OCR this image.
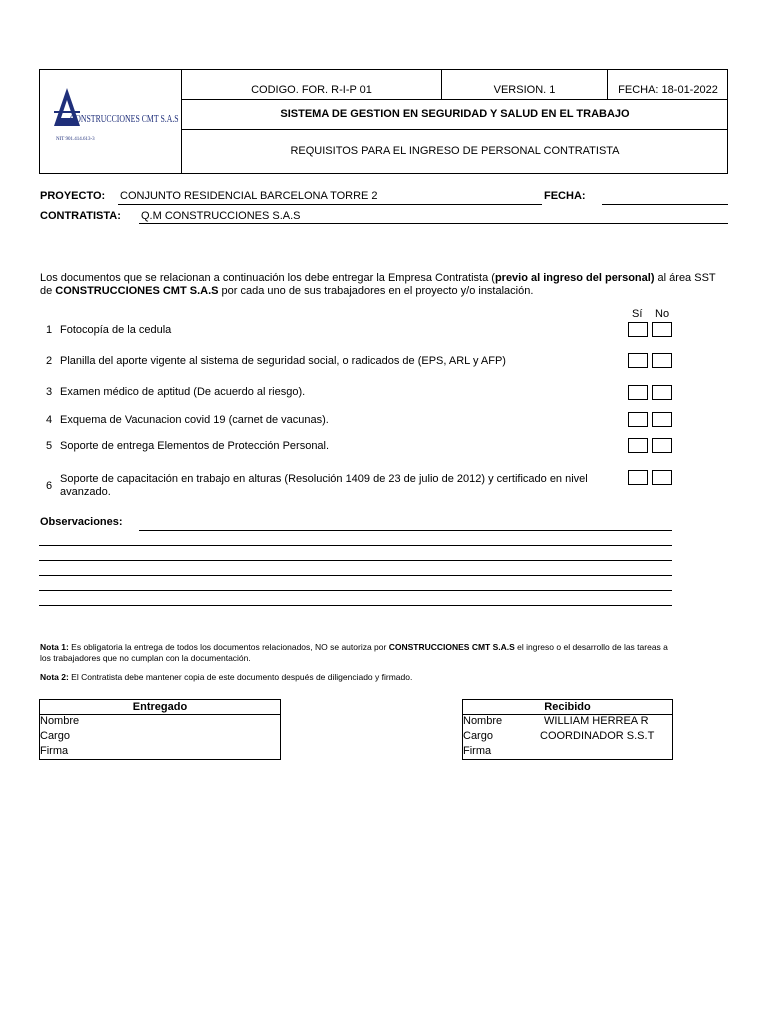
CONSTRUCCIONES CMT S.A.S
NIT 901.414.613-3
CODIGO. FOR. R-I-P 01	VERSION. 1	FECHA: 18-01-2022
SISTEMA DE GESTION EN SEGURIDAD Y SALUD EN EL TRABAJO
REQUISITOS PARA EL INGRESO DE PERSONAL CONTRATISTA
PROYECTO: CONJUNTO RESIDENCIAL BARCELONA TORRE 2	FECHA:
CONTRATISTA: Q.M CONSTRUCCIONES S.A.S
Los documentos que se relacionan a continuación los debe entregar la Empresa Contratista (previo al ingreso del personal) al área SST de CONSTRUCCIONES CMT S.A.S por cada uno de sus trabajadores en el proyecto y/o instalación.
Sí No
1 Fotocopía de la cedula
2 Planilla del aporte vigente al sistema de seguridad social, o radicados de (EPS, ARL y AFP)
3 Examen médico de aptitud (De acuerdo al riesgo).
4 Exquema de Vacunacion covid 19 (carnet de vacunas).
5 Soporte de entrega Elementos de Protección Personal.
6
Soporte de capacitación en trabajo en alturas (Resolución 1409 de 23 de julio de 2012) y certificado en nivel avanzado.
Observaciones:
Nota 1: Es obligatoria la entrega de todos los documentos relacionados, NO se autoriza por CONSTRUCCIONES CMT S.A.S el ingreso o el desarrollo de las tareas a los trabajadores que no cumplan con la documentación.
Nota 2: El Contratista debe mantener copia de este documento después de diligenciado y firmado.
Entregado
Nombre
Cargo
Firma
Recibido
Nombre	WILLIAM HERREA R
Cargo	COORDINADOR S.S.T
Firma
